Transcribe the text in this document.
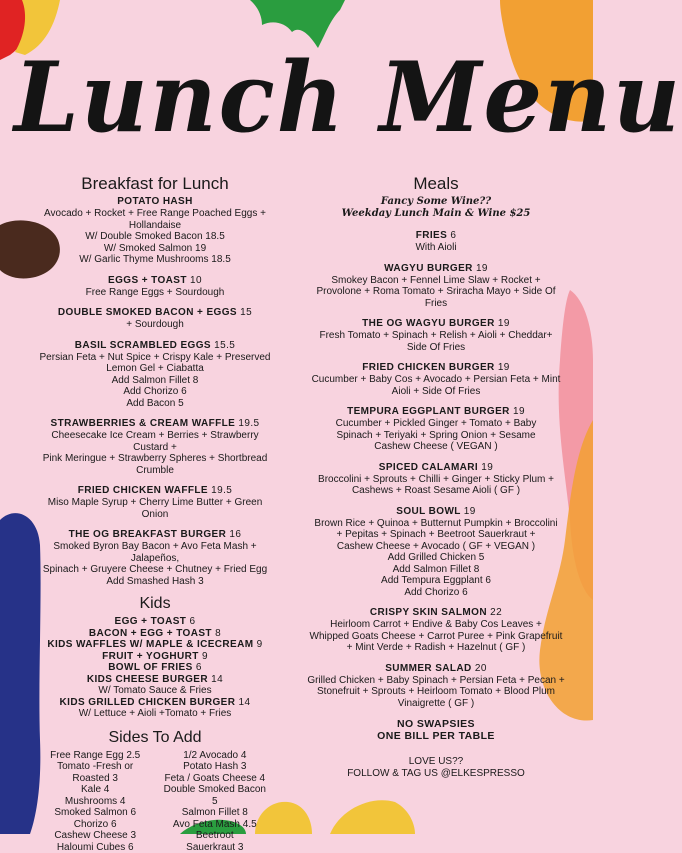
Lunch Menu
Breakfast for Lunch
POTATO HASH
Avocado + Rocket + Free Range Poached Eggs +
Hollandaise
W/ Double Smoked Bacon 18.5
W/ Smoked Salmon 19
W/ Garlic Thyme Mushrooms 18.5
EGGS + TOAST 10
Free Range Eggs + Sourdough
DOUBLE SMOKED BACON + EGGS 15
+ Sourdough
BASIL SCRAMBLED EGGS 15.5
Persian Feta + Nut Spice + Crispy Kale + Preserved
Lemon Gel + Ciabatta
Add Salmon Fillet 8
Add Chorizo 6
Add Bacon 5
STRAWBERRIES & CREAM WAFFLE 19.5
Cheesecake Ice Cream + Berries + Strawberry Custard +
Pink Meringue + Strawberry Spheres + Shortbread Crumble
FRIED CHICKEN WAFFLE 19.5
Miso Maple Syrup + Cherry Lime Butter + Green Onion
THE OG BREAKFAST BURGER 16
Smoked Byron Bay Bacon + Avo Feta Mash + Jalapeños,
Spinach + Gruyere Cheese + Chutney + Fried Egg
Add Smashed Hash 3
Kids
EGG + TOAST 6
BACON + EGG + TOAST 8
KIDS WAFFLES W/ MAPLE & ICECREAM 9
FRUIT + YOGHURT 9
BOWL OF FRIES 6
KIDS CHEESE BURGER 14
W/ Tomato Sauce & Fries
KIDS GRILLED CHICKEN BURGER 14
W/ Lettuce + Aioli +Tomato + Fries
Sides To Add
Free Range Egg 2.5
Tomato -Fresh or
Roasted 3
Kale 4
Mushrooms 4
Smoked Salmon 6
Chorizo 6
Cashew Cheese 3
Haloumi Cubes 6
1/2 Avocado 4
Potato Hash 3
Feta / Goats Cheese 4
Double Smoked Bacon 5
Salmon Fillet 8
Avo Feta Mash 4.5
Beetroot
Sauerkraut 3
Meals
Fancy Some Wine??
Weekday Lunch Main & Wine $25
FRIES 6
With Aioli
WAGYU BURGER 19
Smokey Bacon + Fennel Lime Slaw + Rocket +
Provolone + Roma Tomato + Sriracha Mayo + Side Of
Fries
THE OG WAGYU BURGER 19
Fresh Tomato + Spinach + Relish + Aioli + Cheddar+
Side Of Fries
FRIED CHICKEN BURGER 19
Cucumber + Baby Cos + Avocado + Persian Feta + Mint
Aioli + Side Of Fries
TEMPURA EGGPLANT BURGER 19
Cucumber + Pickled Ginger + Tomato + Baby
Spinach + Teriyaki + Spring Onion + Sesame
Cashew Cheese ( VEGAN )
SPICED CALAMARI 19
Broccolini + Sprouts + Chilli + Ginger + Sticky Plum +
Cashews + Roast Sesame Aioli ( GF )
SOUL BOWL 19
Brown Rice + Quinoa + Butternut Pumpkin + Broccolini
+ Pepitas + Spinach + Beetroot Sauerkraut +
Cashew Cheese + Avocado ( GF + VEGAN )
Add Grilled Chicken 5
Add Salmon Fillet 8
Add Tempura Eggplant 6
Add Chorizo 6
CRISPY SKIN SALMON 22
Heirloom Carrot + Endive & Baby Cos Leaves +
Whipped Goats Cheese + Carrot Puree + Pink Grapefruit
+ Mint Verde + Radish + Hazelnut ( GF )
SUMMER SALAD 20
Grilled Chicken + Baby Spinach + Persian Feta + Pecan +
Stonefruit + Sprouts + Heirloom Tomato + Blood Plum
Vinaigrette ( GF )
NO SWAPSIES
ONE BILL PER TABLE
LOVE US??
FOLLOW & TAG US @ELKESPRESSO
